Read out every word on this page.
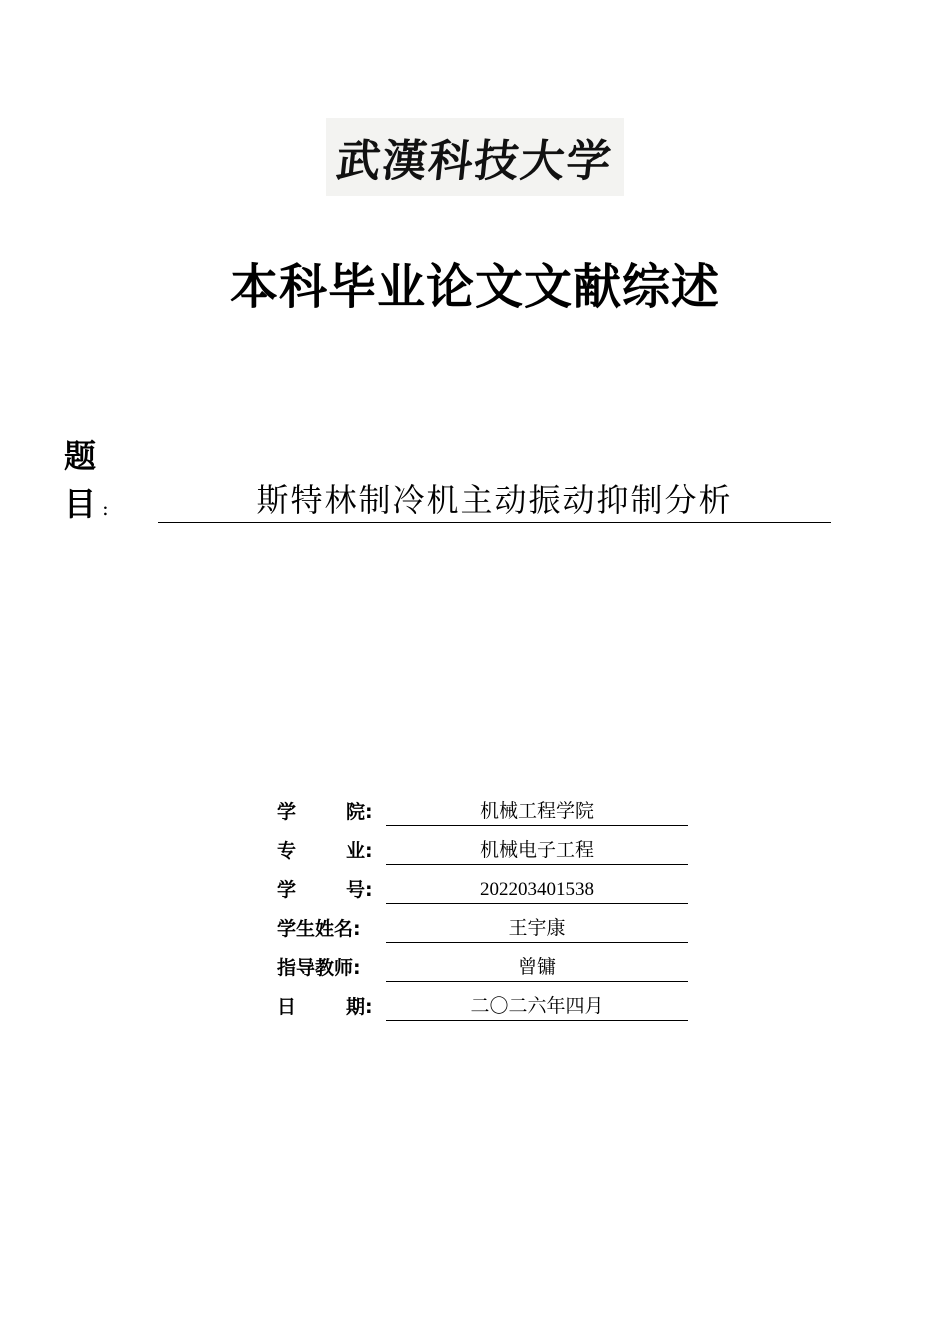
武漢科技大学
本科毕业论文文献综述
题
目 :	斯特林制冷机主动振动抑制分析
学	院 :	机械工程学院
专	业 :	机械电子工程
学	号 :	202203401538
学生姓名:	王宇康
指导教师:	曾镛
日	期 :	二〇二六年四月
